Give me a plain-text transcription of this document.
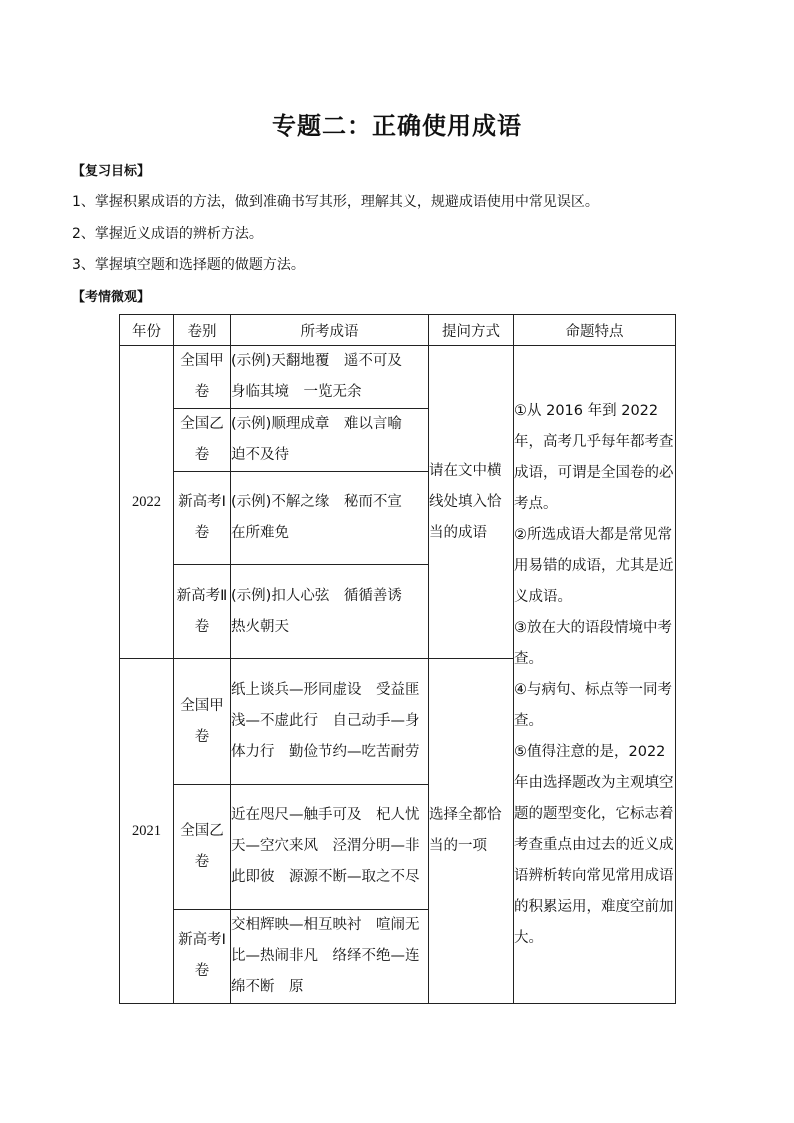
专题二：正确使用成语
【复习目标】
1、掌握积累成语的方法，做到准确书写其形，理解其义，规避成语使用中常见误区。
2、掌握近义成语的辨析方法。
3、掌握填空题和选择题的做题方法。
【考情微观】
年份	卷别	所考成语	提问方式	命题特点
2022	全国甲卷	(示例)天翻地覆　遥不可及　身临其境　一览无余	请在文中横线处填入恰当的成语	①从 2016 年到 2022 年，高考几乎每年都考查成语，可谓是全国卷的必考点。
②所选成语大都是常见常用易错的成语，尤其是近义成语。
③放在大的语段情境中考查。
④与病句、标点等一同考查。
⑤值得注意的是，2022年由选择题改为主观填空题的题型变化，它标志着考查重点由过去的近义成语辨析转向常见常用成语的积累运用，难度空前加大。

	全国乙卷	(示例)顺理成章　难以言喻　迫不及待		
	新高考Ⅰ卷	(示例)不解之缘　秘而不宣　在所难免		
	新高考Ⅱ卷	(示例)扣人心弦　循循善诱　热火朝天		
2021	全国甲卷	纸上谈兵—形同虚设　受益匪浅—不虚此行　自己动手—身体力行　勤俭节约—吃苦耐劳	选择全都恰当的一项	
	全国乙卷	近在咫尺—触手可及　杞人忧天—空穴来风　泾渭分明—非此即彼　源源不断—取之不尽		
	新高考Ⅰ卷	交相辉映—相互映衬　喧闹无比—热闹非凡　络绎不绝—连绵不断　原		
